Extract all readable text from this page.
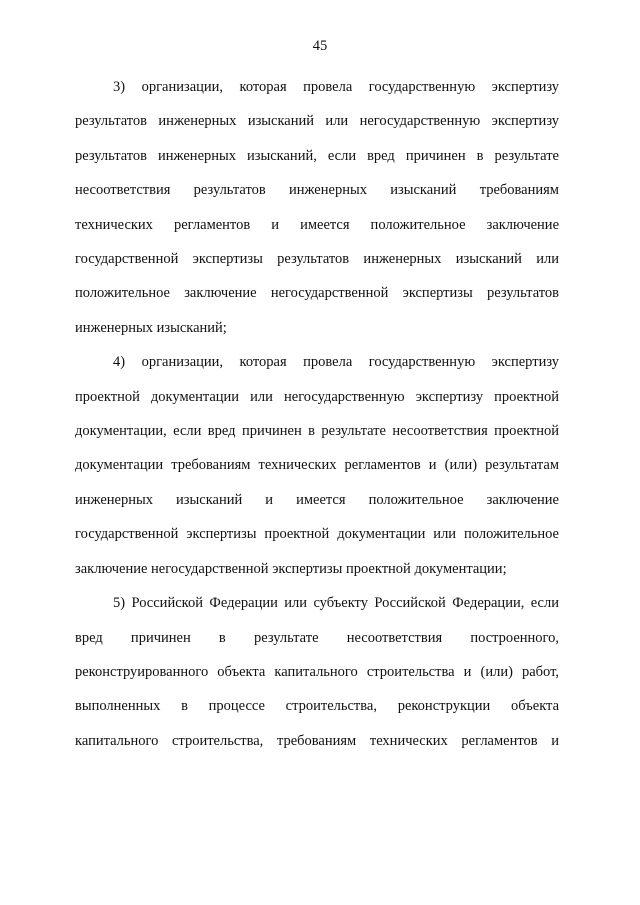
45

3) организации, которая провела государственную экспертизу результатов инженерных изысканий или негосударственную экспертизу результатов инженерных изысканий, если вред причинен в результате несоответствия результатов инженерных изысканий требованиям технических регламентов и имеется положительное заключение государственной экспертизы результатов инженерных изысканий или положительное заключение негосударственной экспертизы результатов инженерных изысканий;

4) организации, которая провела государственную экспертизу проектной документации или негосударственную экспертизу проектной документации, если вред причинен в результате несоответствия проектной документации требованиям технических регламентов и (или) результатам инженерных изысканий и имеется положительное заключение государственной экспертизы проектной документации или положительное заключение негосударственной экспертизы проектной документации;

5) Российской Федерации или субъекту Российской Федерации, если вред причинен в результате несоответствия построенного, реконструированного объекта капитального строительства и (или) работ, выполненных в процессе строительства, реконструкции объекта капитального строительства, требованиям технических регламентов и
